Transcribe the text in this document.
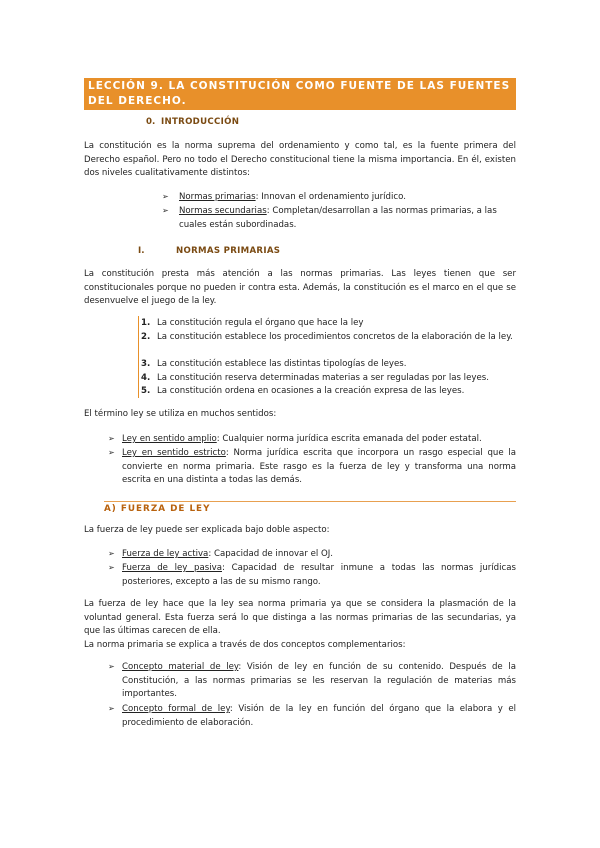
LECCIÓN 9. LA CONSTITUCIÓN COMO FUENTE DE LAS FUENTES DEL DERECHO.
0. INTRODUCCIÓN
La constitución es la norma suprema del ordenamiento y como tal, es la fuente primera del Derecho español. Pero no todo el Derecho constitucional tiene la misma importancia. En él, existen dos niveles cualitativamente distintos:
➢ Normas primarias: Innovan el ordenamiento jurídico.
➢ Normas secundarias: Completan/desarrollan a las normas primarias, a las cuales están subordinadas.
I.	NORMAS PRIMARIAS
La constitución presta más atención a las normas primarias. Las leyes tienen que ser constitucionales porque no pueden ir contra esta. Además, la constitución es el marco en el que se desenvuelve el juego de la ley.
1. La constitución regula el órgano que hace la ley
2. La constitución establece los procedimientos concretos de la elaboración de la ley.
3. La constitución establece las distintas tipologías de leyes.
4. La constitución reserva determinadas materias a ser reguladas por las leyes.
5. La constitución ordena en ocasiones a la creación expresa de las leyes.
El término ley se utiliza en muchos sentidos:
➢ Ley en sentido amplio: Cualquier norma jurídica escrita emanada del poder estatal.
➢ Ley en sentido estricto: Norma jurídica escrita que incorpora un rasgo especial que la convierte en norma primaria. Este rasgo es la fuerza de ley y transforma una norma escrita en una distinta a todas las demás.
A) FUERZA DE LEY
La fuerza de ley puede ser explicada bajo doble aspecto:
➢ Fuerza de ley activa: Capacidad de innovar el OJ.
➢ Fuerza de ley pasiva: Capacidad de resultar inmune a todas las normas jurídicas posteriores, excepto a las de su mismo rango.
La fuerza de ley hace que la ley sea norma primaria ya que se considera la plasmación de la voluntad general. Esta fuerza será lo que distinga a las normas primarias de las secundarias, ya que las últimas carecen de ella.
La norma primaria se explica a través de dos conceptos complementarios:
➢ Concepto material de ley: Visión de ley en función de su contenido. Después de la Constitución, a las normas primarias se les reservan la regulación de materias más importantes.
➢ Concepto formal de ley: Visión de la ley en función del órgano que la elabora y el procedimiento de elaboración.
